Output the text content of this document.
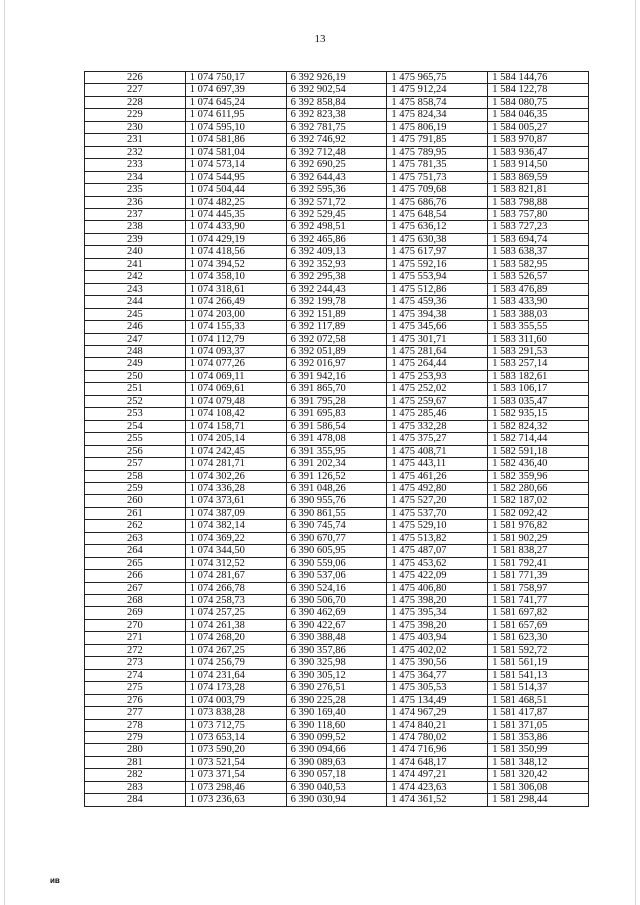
13
226	1 074 750,17	6 392 926,19	1 475 965,75	1 584 144,76
227	1 074 697,39	6 392 902,54	1 475 912,24	1 584 122,78
228	1 074 645,24	6 392 858,84	1 475 858,74	1 584 080,75
229	1 074 611,95	6 392 823,38	1 475 824,34	1 584 046,35
230	1 074 595,10	6 392 781,75	1 475 806,19	1 584 005,27
231	1 074 581,86	6 392 746,92	1 475 791,85	1 583 970,87
232	1 074 581,04	6 392 712,48	1 475 789,95	1 583 936,47
233	1 074 573,14	6 392 690,25	1 475 781,35	1 583 914,50
234	1 074 544,95	6 392 644,43	1 475 751,73	1 583 869,59
235	1 074 504,44	6 392 595,36	1 475 709,68	1 583 821,81
236	1 074 482,25	6 392 571,72	1 475 686,76	1 583 798,88
237	1 074 445,35	6 392 529,45	1 475 648,54	1 583 757,80
238	1 074 433,90	6 392 498,51	1 475 636,12	1 583 727,23
239	1 074 429,19	6 392 465,86	1 475 630,38	1 583 694,74
240	1 074 418,56	6 392 409,13	1 475 617,97	1 583 638,37
241	1 074 394,52	6 392 352,93	1 475 592,16	1 583 582,95
242	1 074 358,10	6 392 295,38	1 475 553,94	1 583 526,57
243	1 074 318,61	6 392 244,43	1 475 512,86	1 583 476,89
244	1 074 266,49	6 392 199,78	1 475 459,36	1 583 433,90
245	1 074 203,00	6 392 151,89	1 475 394,38	1 583 388,03
246	1 074 155,33	6 392 117,89	1 475 345,66	1 583 355,55
247	1 074 112,79	6 392 072,58	1 475 301,71	1 583 311,60
248	1 074 093,37	6 392 051,89	1 475 281,64	1 583 291,53
249	1 074 077,26	6 392 016,97	1 475 264,44	1 583 257,14
250	1 074 069,11	6 391 942,16	1 475 253,93	1 583 182,61
251	1 074 069,61	6 391 865,70	1 475 252,02	1 583 106,17
252	1 074 079,48	6 391 795,28	1 475 259,67	1 583 035,47
253	1 074 108,42	6 391 695,83	1 475 285,46	1 582 935,15
254	1 074 158,71	6 391 586,54	1 475 332,28	1 582 824,32
255	1 074 205,14	6 391 478,08	1 475 375,27	1 582 714,44
256	1 074 242,45	6 391 355,95	1 475 408,71	1 582 591,18
257	1 074 281,71	6 391 202,34	1 475 443,11	1 582 436,40
258	1 074 302,26	6 391 126,52	1 475 461,26	1 582 359,96
259	1 074 336,28	6 391 048,26	1 475 492,80	1 582 280,66
260	1 074 373,61	6 390 955,76	1 475 527,20	1 582 187,02
261	1 074 387,09	6 390 861,55	1 475 537,70	1 582 092,42
262	1 074 382,14	6 390 745,74	1 475 529,10	1 581 976,82
263	1 074 369,22	6 390 670,77	1 475 513,82	1 581 902,29
264	1 074 344,50	6 390 605,95	1 475 487,07	1 581 838,27
265	1 074 312,52	6 390 559,06	1 475 453,62	1 581 792,41
266	1 074 281,67	6 390 537,06	1 475 422,09	1 581 771,39
267	1 074 266,78	6 390 524,16	1 475 406,80	1 581 758,97
268	1 074 258,73	6 390 506,70	1 475 398,20	1 581 741,77
269	1 074 257,25	6 390 462,69	1 475 395,34	1 581 697,82
270	1 074 261,38	6 390 422,67	1 475 398,20	1 581 657,69
271	1 074 268,20	6 390 388,48	1 475 403,94	1 581 623,30
272	1 074 267,25	6 390 357,86	1 475 402,02	1 581 592,72
273	1 074 256,79	6 390 325,98	1 475 390,56	1 581 561,19
274	1 074 231,64	6 390 305,12	1 475 364,77	1 581 541,13
275	1 074 173,28	6 390 276,51	1 475 305,53	1 581 514,37
276	1 074 003,79	6 390 225,28	1 475 134,49	1 581 468,51
277	1 073 838,28	6 390 169,40	1 474 967,29	1 581 417,87
278	1 073 712,75	6 390 118,60	1 474 840,21	1 581 371,05
279	1 073 653,14	6 390 099,52	1 474 780,02	1 581 353,86
280	1 073 590,20	6 390 094,66	1 474 716,96	1 581 350,99
281	1 073 521,54	6 390 089,63	1 474 648,17	1 581 348,12
282	1 073 371,54	6 390 057,18	1 474 497,21	1 581 320,42
283	1 073 298,46	6 390 040,53	1 474 423,63	1 581 306,08
284	1 073 236,63	6 390 030,94	1 474 361,52	1 581 298,44
ив
